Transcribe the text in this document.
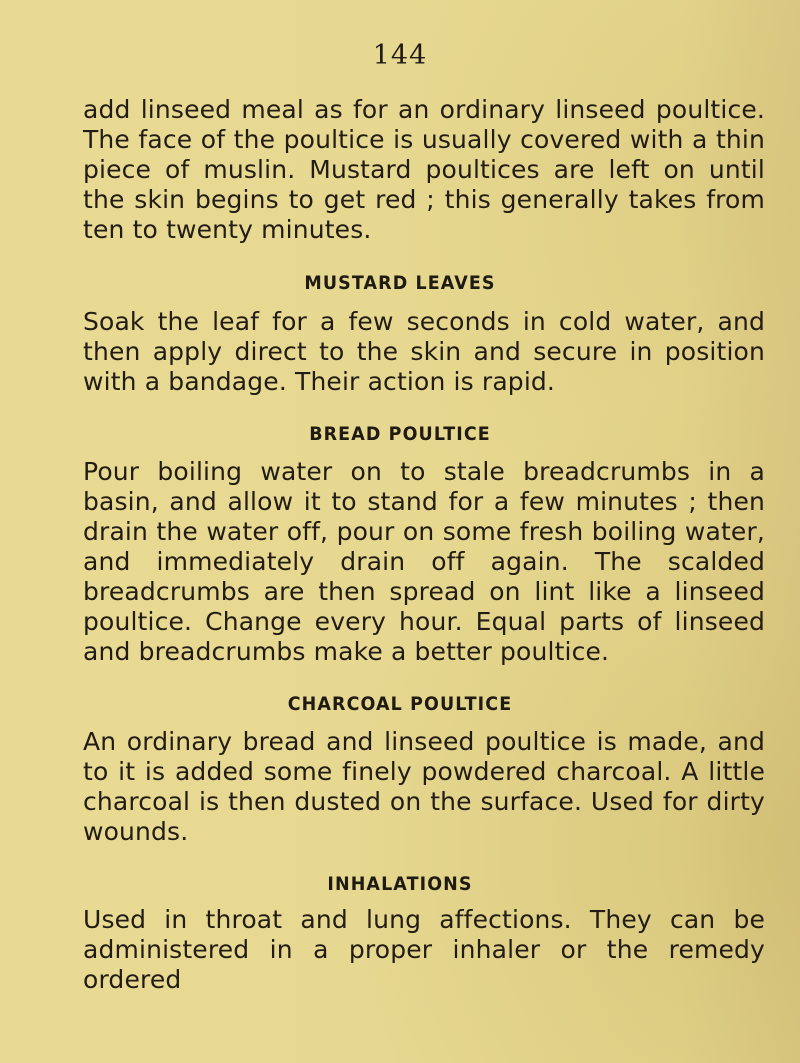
144
add linseed meal as for an ordinary linseed poultice. The face of the poultice is usually covered with a thin piece of muslin. Mustard poultices are left on until the skin begins to get red ; this generally takes from ten to twenty minutes.
MUSTARD LEAVES
Soak the leaf for a few seconds in cold water, and then apply direct to the skin and secure in position with a bandage. Their action is rapid.
BREAD POULTICE
Pour boiling water on to stale breadcrumbs in a basin, and allow it to stand for a few minutes ; then drain the water off, pour on some fresh boiling water, and immediately drain off again. The scalded breadcrumbs are then spread on lint like a linseed poultice. Change every hour. Equal parts of linseed and breadcrumbs make a better poultice.
CHARCOAL POULTICE
An ordinary bread and linseed poultice is made, and to it is added some finely powdered charcoal. A little charcoal is then dusted on the surface. Used for dirty wounds.
INHALATIONS
Used in throat and lung affections. They can be administered in a proper inhaler or the remedy ordered
